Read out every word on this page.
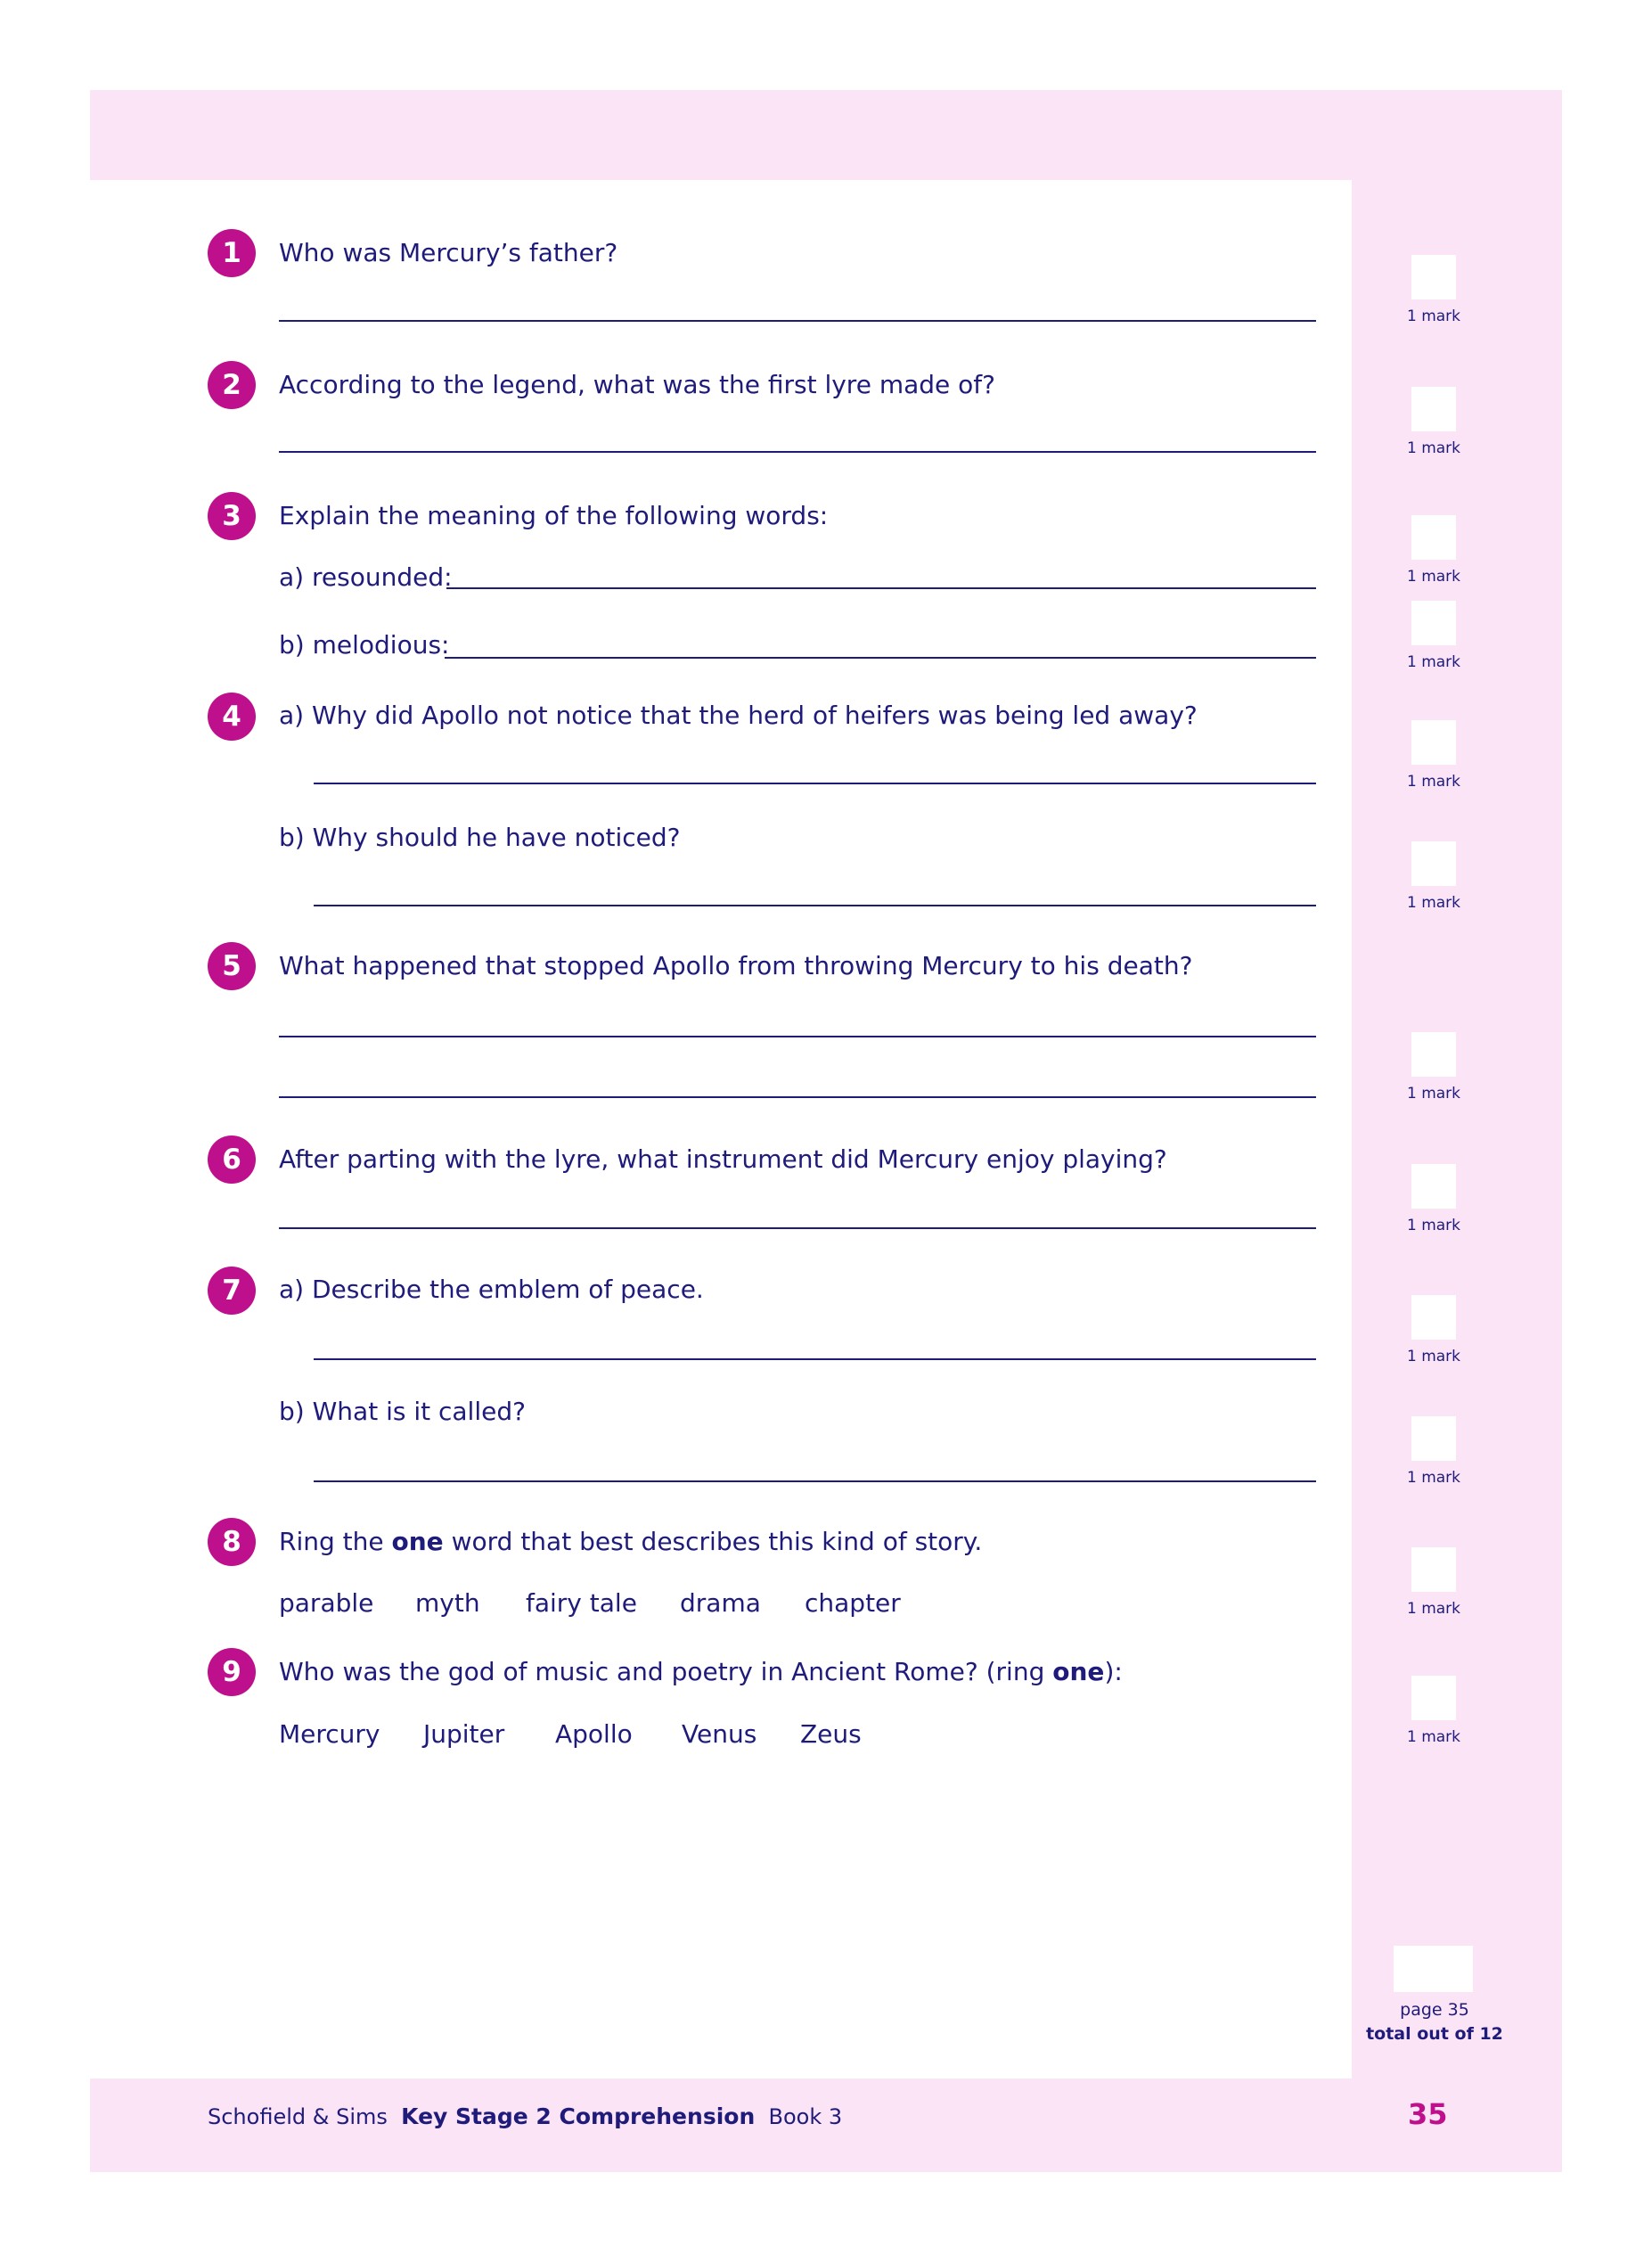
1	Who was Mercury’s father?
2	According to the legend, what was the first lyre made of?
3	Explain the meaning of the following words:
a) resounded:
b) melodious:
4	a) Why did Apollo not notice that the herd of heifers was being led away?
b) Why should he have noticed?
5	What happened that stopped Apollo from throwing Mercury to his death?
6	After parting with the lyre, what instrument did Mercury enjoy playing?
7	a) Describe the emblem of peace.
b) What is it called?
8	Ring the one word that best describes this kind of story.
parable myth fairy tale drama chapter
9	Who was the god of music and poetry in Ancient Rome? (ring one):
Mercury Jupiter Apollo Venus Zeus
1 mark
1 mark
1 mark
1 mark
1 mark
1 mark
1 mark
1 mark
1 mark
1 mark
1 mark
1 mark
page 35
total out of 12
Schofield & Sims Key Stage 2 Comprehension Book 3	35
